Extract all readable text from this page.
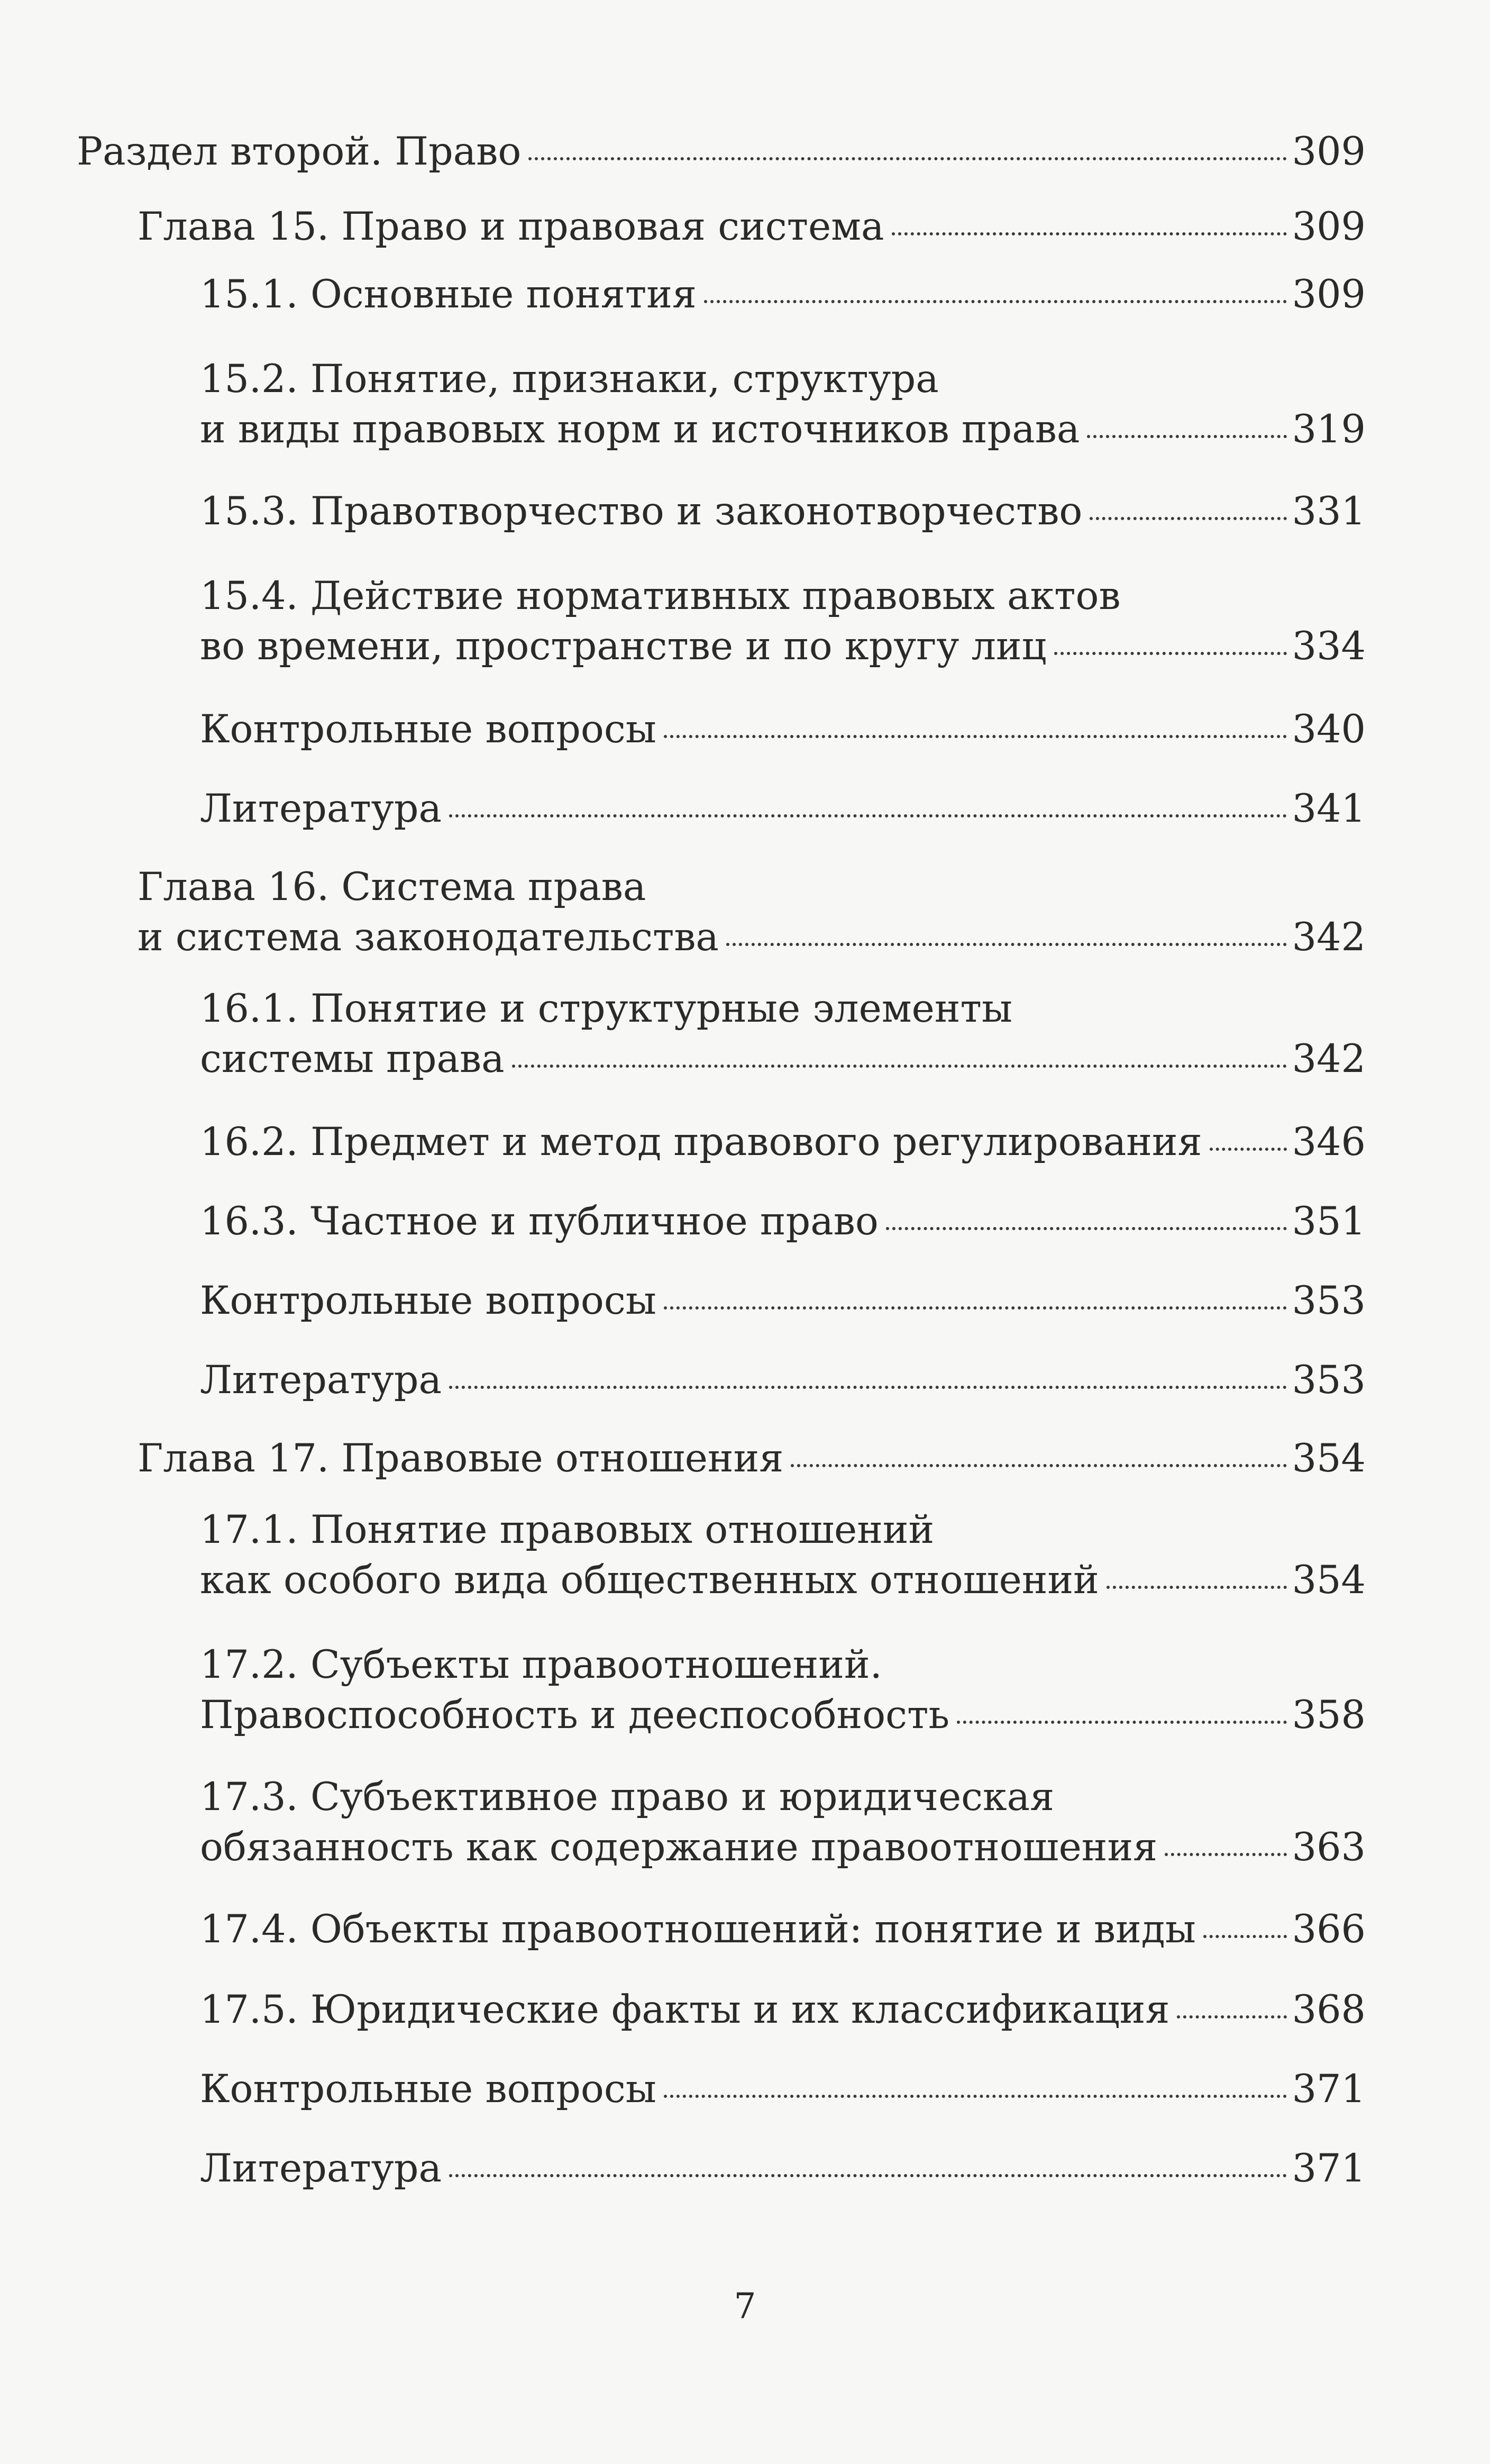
Раздел второй. Право	309
Глава 15. Право и правовая система	309
15.1. Основные понятия	309
15.2. Понятие, признаки, структура
и виды правовых норм и источников права	319
15.3. Правотворчество и законотворчество	331
15.4. Действие нормативных правовых актов
во времени, пространстве и по кругу лиц	334
Контрольные вопросы	340
Литература	341
Глава 16. Система права
и система законодательства	342
16.1. Понятие и структурные элементы
системы права	342
16.2. Предмет и метод правового регулирования 346
16.3. Частное и публичное право	351
Контрольные вопросы	353
Литература	353
Глава 17. Правовые отношения	354
17.1. Понятие правовых отношений
как особого вида общественных отношений	354
17.2. Субъекты правоотношений.
Правоспособность и дееспособность	358
17.3. Субъективное право и юридическая
обязанность как содержание правоотношения	363
17.4. Объекты правоотношений: понятие и виды 366
17.5. Юридические факты и их классификация	368
Контрольные вопросы	371
Литература	371
7
